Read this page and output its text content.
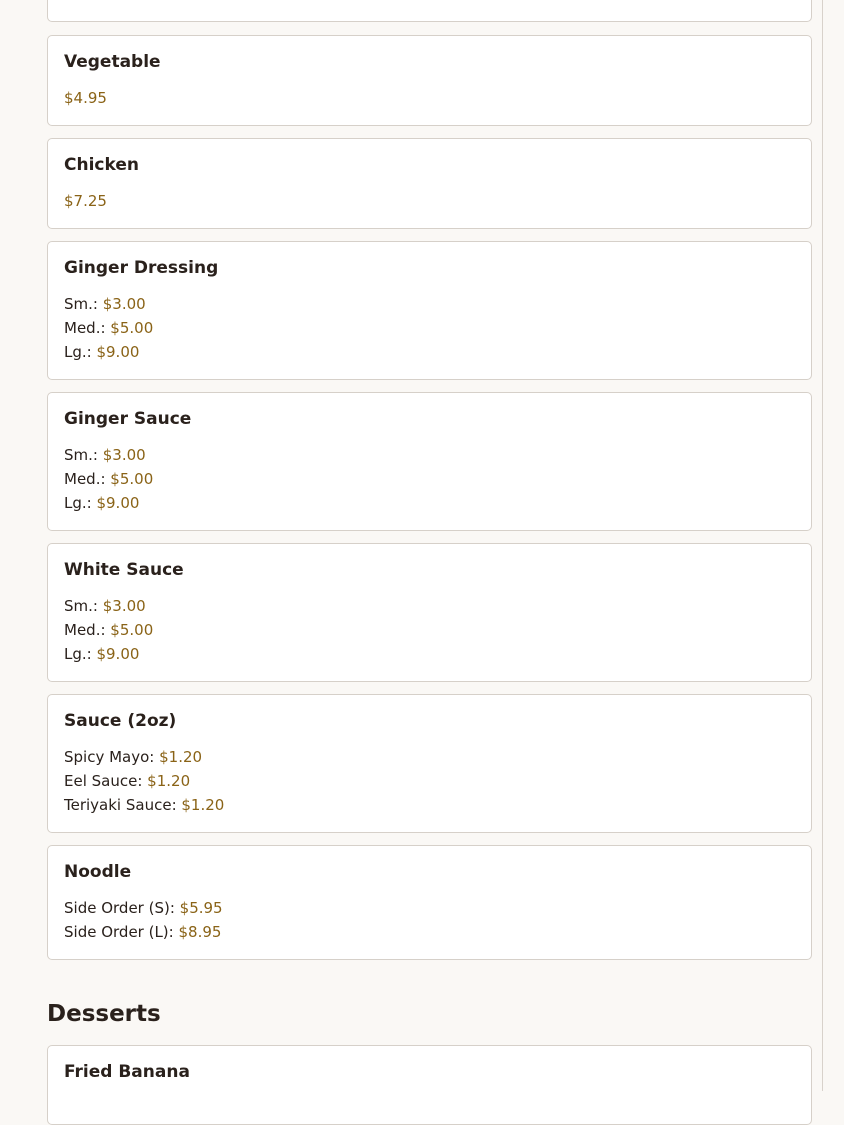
Vegetable
$4.95
Chicken
$7.25
Ginger Dressing
Sm.: $3.00
Med.: $5.00
Lg.: $9.00
Ginger Sauce
Sm.: $3.00
Med.: $5.00
Lg.: $9.00
White Sauce
Sm.: $3.00
Med.: $5.00
Lg.: $9.00
Sauce (2oz)
Spicy Mayo: $1.20
Eel Sauce: $1.20
Teriyaki Sauce: $1.20
Noodle
Side Order (S): $5.95
Side Order (L): $8.95
Desserts
Fried Banana
